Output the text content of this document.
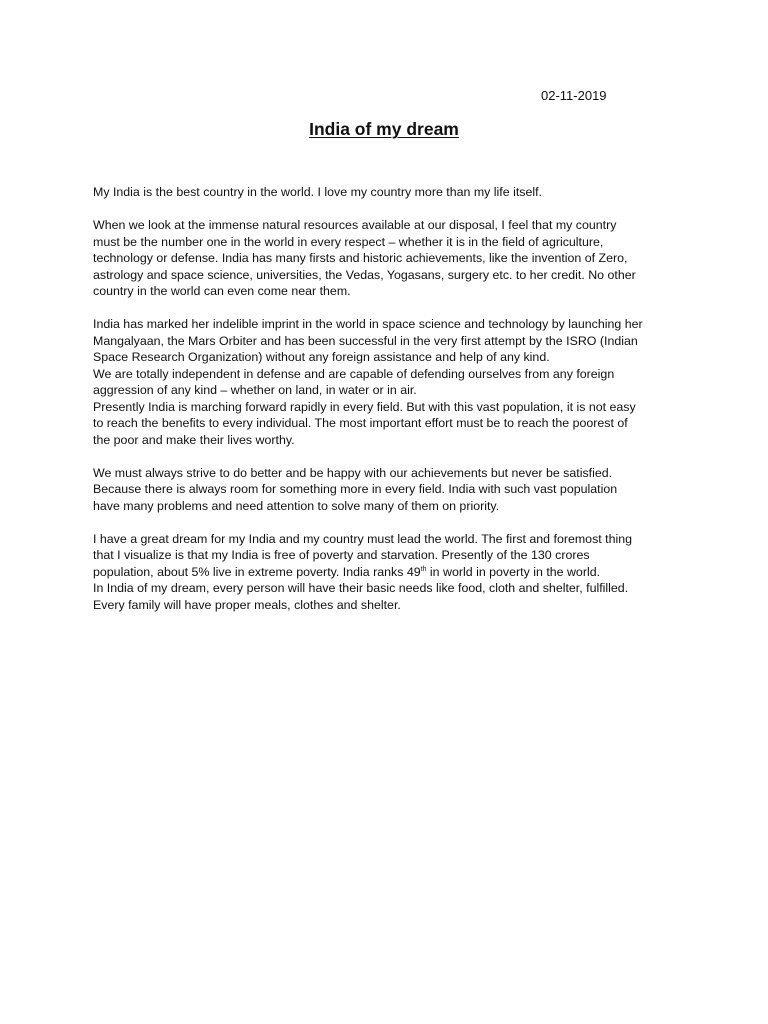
02-11-2019

India of my dream

My India is the best country in the world. I love my country more than my life itself.

When we look at the immense natural resources available at our disposal, I feel that my country
must be the number one in the world in every respect – whether it is in the field of agriculture,
technology or defense. India has many firsts and historic achievements, like the invention of Zero,
astrology and space science, universities, the Vedas, Yogasans, surgery etc. to her credit. No other
country in the world can even come near them.

India has marked her indelible imprint in the world in space science and technology by launching her
Mangalyaan, the Mars Orbiter and has been successful in the very first attempt by the ISRO (Indian
Space Research Organization) without any foreign assistance and help of any kind.
We are totally independent in defense and are capable of defending ourselves from any foreign
aggression of any kind – whether on land, in water or in air.
Presently India is marching forward rapidly in every field. But with this vast population, it is not easy
to reach the benefits to every individual. The most important effort must be to reach the poorest of
the poor and make their lives worthy.

We must always strive to do better and be happy with our achievements but never be satisfied.
Because there is always room for something more in every field. India with such vast population
have many problems and need attention to solve many of them on priority.

I have a great dream for my India and my country must lead the world. The first and foremost thing
that I visualize is that my India is free of poverty and starvation. Presently of the 130 crores
population, about 5% live in extreme poverty. India ranks 49th in world in poverty in the world.
In India of my dream, every person will have their basic needs like food, cloth and shelter, fulfilled.
Every family will have proper meals, clothes and shelter.
